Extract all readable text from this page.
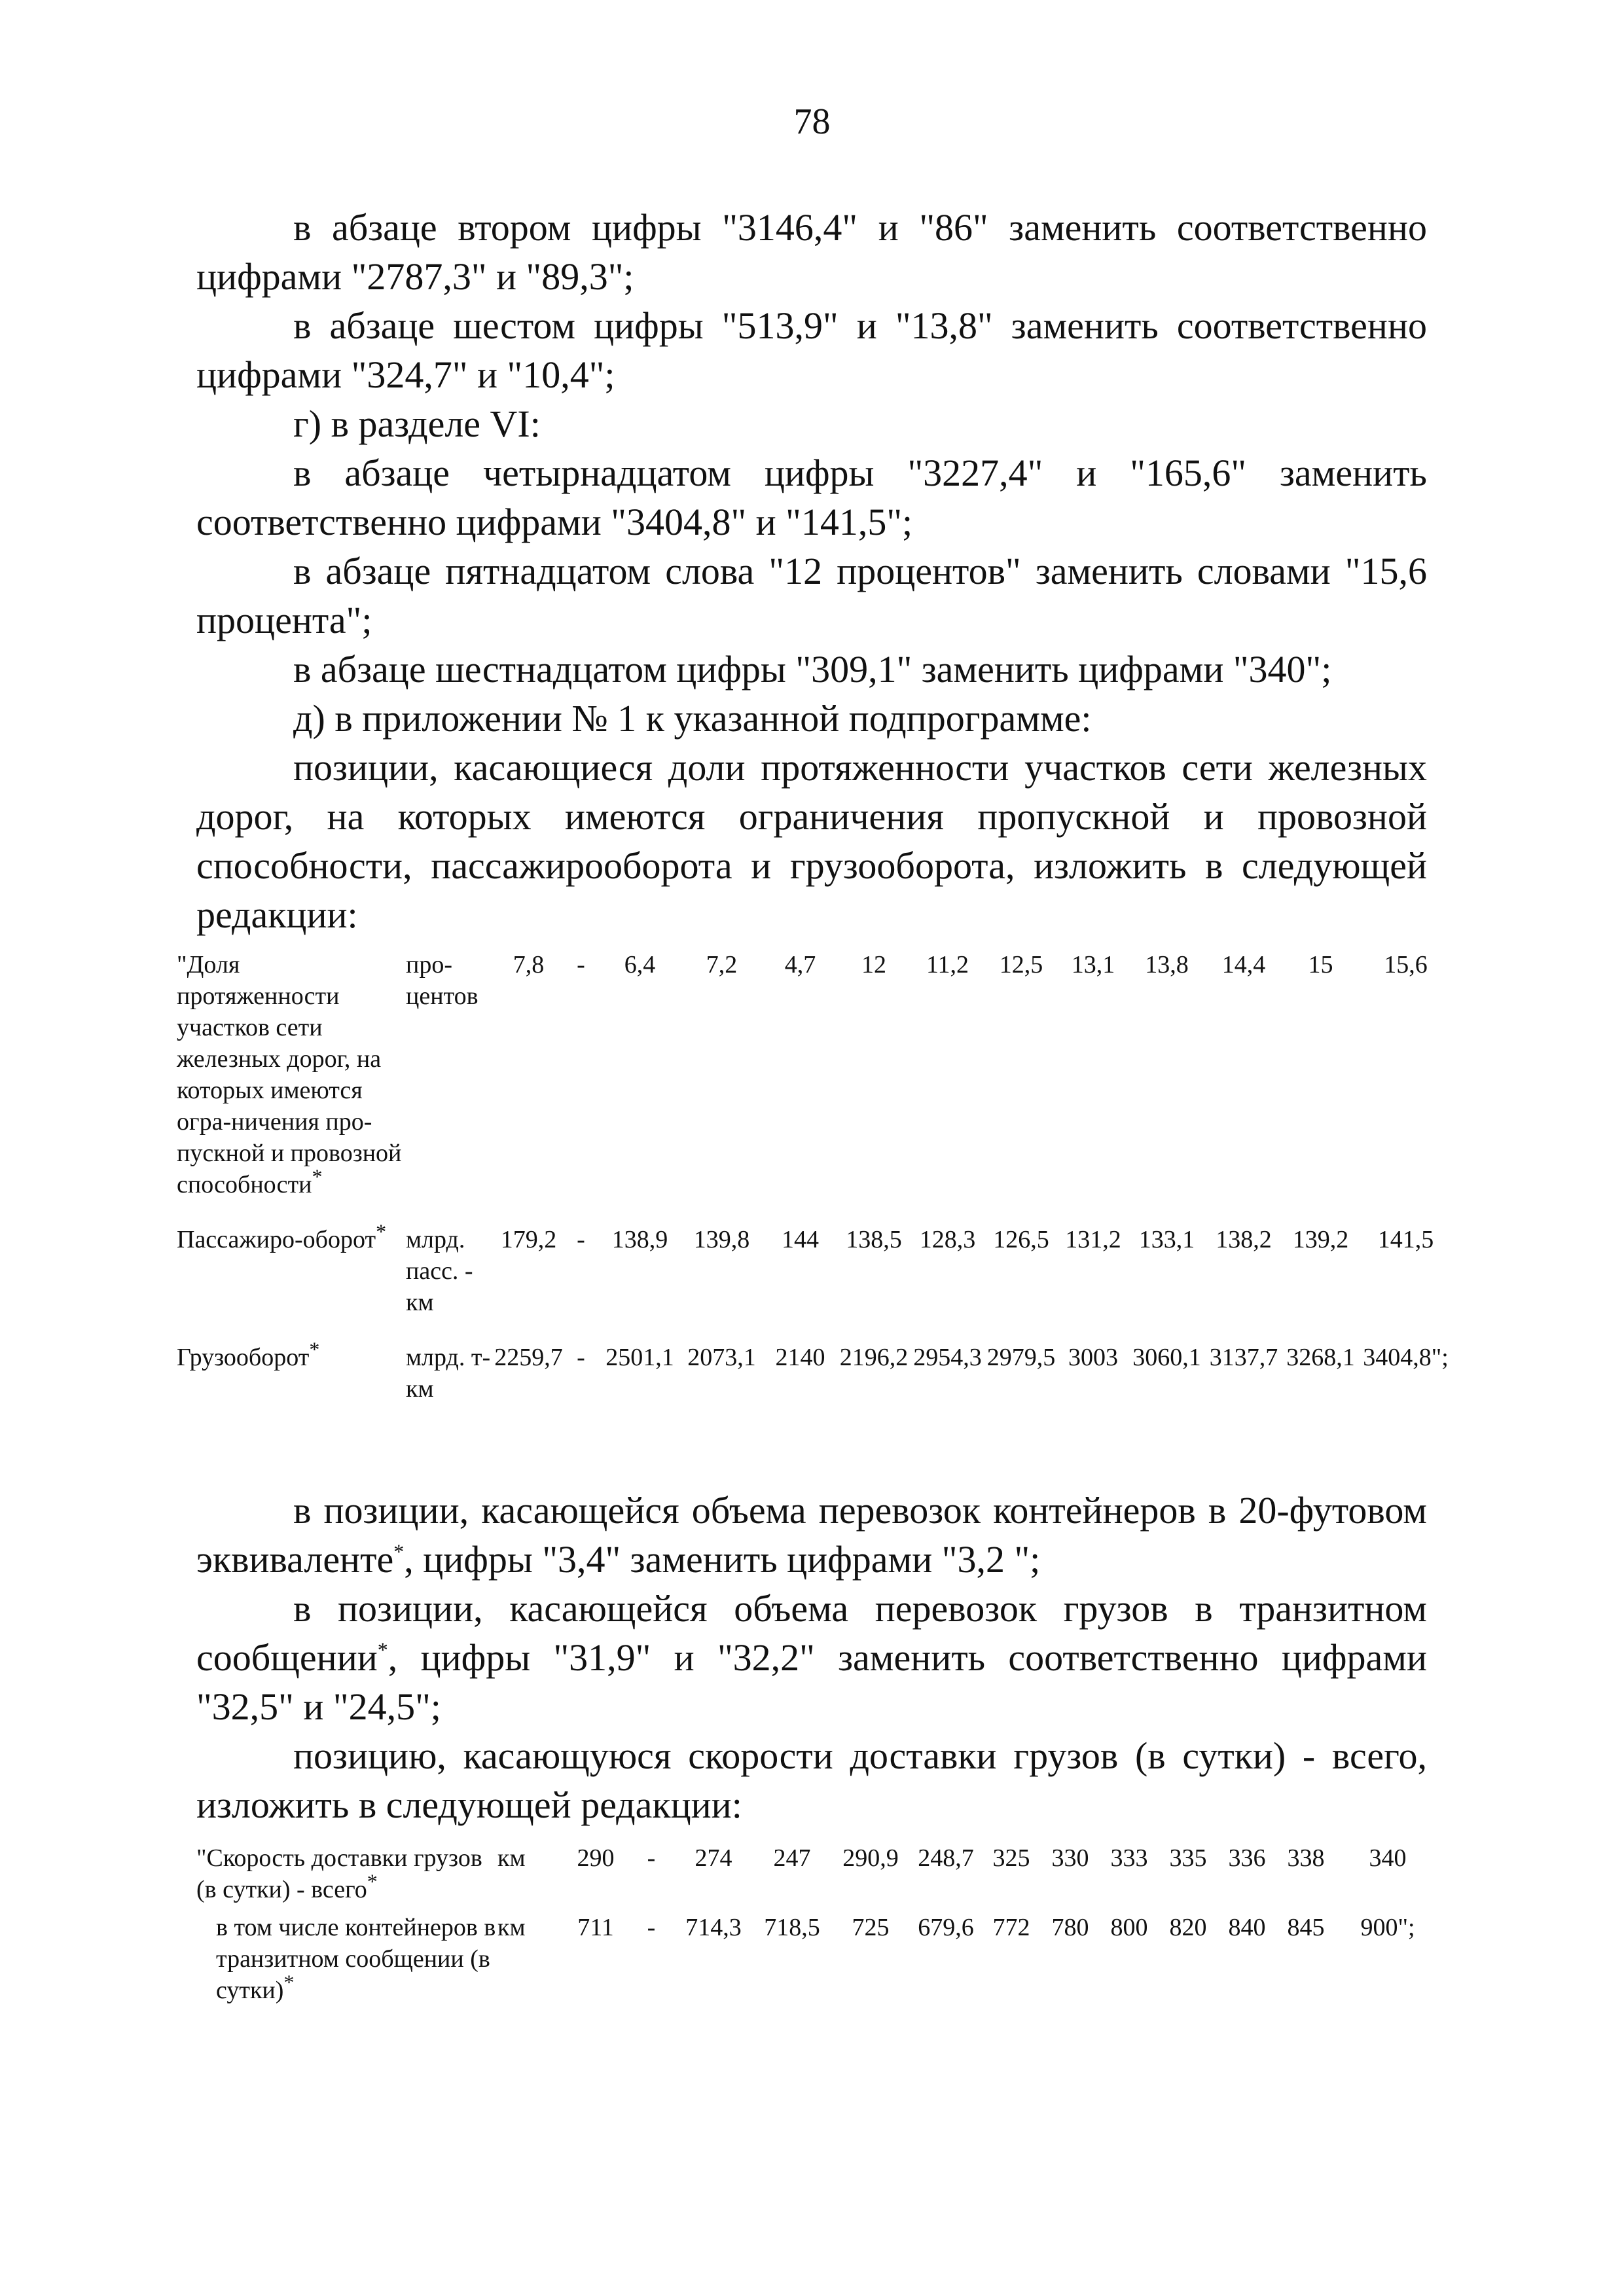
78

в абзаце втором цифры "3146,4" и "86" заменить соответственно цифрами "2787,3" и "89,3";

в абзаце шестом цифры "513,9" и "13,8" заменить соответственно цифрами "324,7" и "10,4";

г) в разделе VI:

в абзаце четырнадцатом цифры "3227,4" и "165,6" заменить соответственно цифрами "3404,8" и "141,5";

в абзаце пятнадцатом слова "12 процентов" заменить словами "15,6 процента";

в абзаце шестнадцатом цифры "309,1" заменить цифрами "340";

д) в приложении № 1 к указанной подпрограмме:

позиции, касающиеся доли протяженности участков сети железных дорог, на которых имеются ограничения пропускной и провозной способности, пассажирооборота и грузооборота, изложить в следующей редакции:

"Доля протяженности участков сети железных дорог, на которых имеются огра-ничения про-пускной и провозной способности*	про-центов	7,8	-	6,4	7,2	4,7	12	11,2	12,5	13,1	13,8	14,4	15	15,6
Пассажиро-оборот*	млрд. пасс. - км	179,2	-	138,9	139,8	144	138,5	128,3	126,5	131,2	133,1	138,2	139,2	141,5
Грузооборот*	млрд. т-км	2259,7	-	2501,1	2073,1	2140	2196,2	2954,3	2979,5	3003	3060,1	3137,7	3268,1	3404,8";

в позиции, касающейся объема перевозок контейнеров в 20-футовом эквиваленте*, цифры "3,4" заменить цифрами "3,2 ";

в позиции, касающейся объема перевозок грузов в транзитном сообщении*, цифры "31,9" и "32,2" заменить соответственно цифрами "32,5" и "24,5";

позицию, касающуюся скорости доставки грузов (в сутки) - всего, изложить в следующей редакции:

"Скорость доставки грузов (в сутки) - всего*	км	290	-	274	247	290,9	248,7	325	330	333	335	336	338	340
в том числе контейнеров в транзитном сообщении (в сутки)*	км	711	-	714,3	718,5	725	679,6	772	780	800	820	840	845	900";
